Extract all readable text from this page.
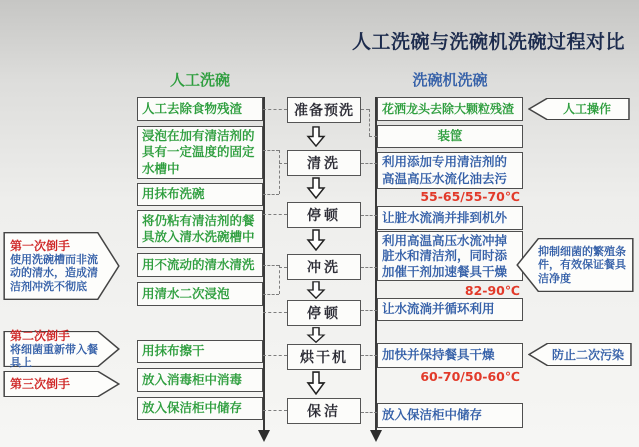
人工洗碗与洗碗机洗碗过程对比
人工洗碗	洗碗机洗碗
人工去除食物残渣
浸泡在加有清洁剂的具有一定温度的固定水槽中
用抹布洗碗
将仍粘有清洁剂的餐具放入清水洗碗槽中
用不流动的清水清洗
用清水二次浸泡
用抹布擦干
放入消毒柜中消毒
放入保洁柜中储存
准备预洗
清洗
停顿
冲洗
停顿
烘干机
保洁
花洒龙头去除大颗粒残渣
装筐
利用添加专用清洁剂的高温高压水流化油去污
55-65/55-70℃
让脏水流淌并排到机外
利用高温高压水流冲掉脏水和清洁剂，同时添加催干剂加速餐具干燥
82-90℃
让水流淌并循环利用
加快并保持餐具干燥
60-70/50-60℃
放入保洁柜中储存
第一次倒手
使用洗碗槽而非流动的清水，造成清洁剂冲洗不彻底
第二次倒手
将细菌重新带入餐具上
第三次倒手
人工操作
抑制细菌的繁殖条件，有效保证餐具洁净度
防止二次污染
